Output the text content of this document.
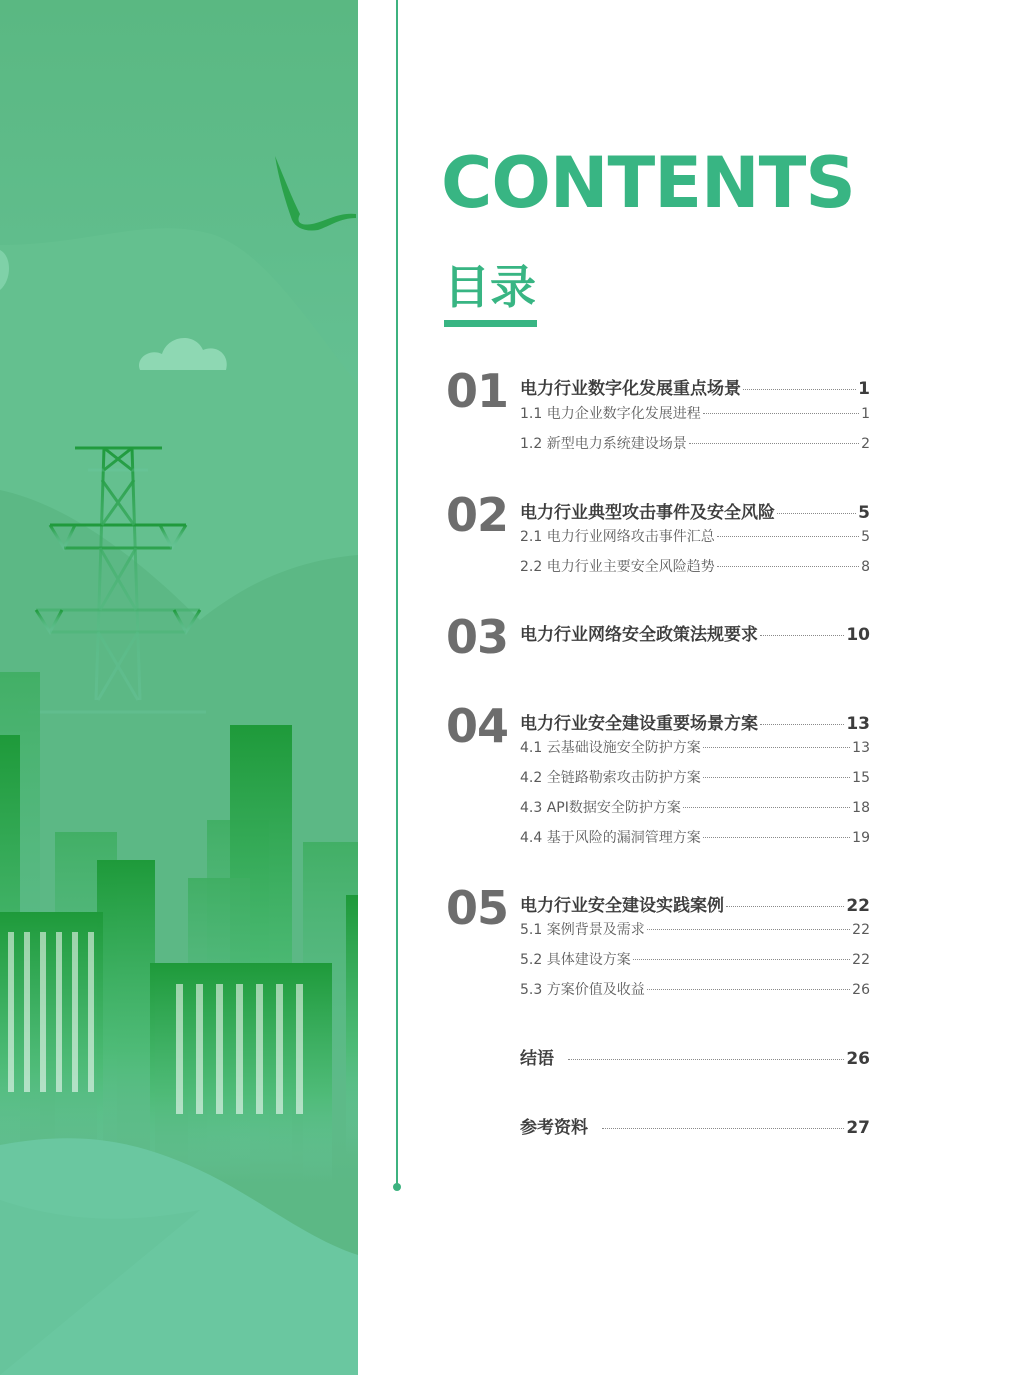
CONTENTS
目录
01 电力行业数字化发展重点场景	1
1.1 电力企业数字化发展进程	1
1.2 新型电力系统建设场景	2
02 电力行业典型攻击事件及安全风险	5
2.1 电力行业网络攻击事件汇总	5
2.2 电力行业主要安全风险趋势	8
03 电力行业网络安全政策法规要求	10
04 电力行业安全建设重要场景方案	13
4.1 云基础设施安全防护方案	13
4.2 全链路勒索攻击防护方案	15
4.3 API数据安全防护方案	18
4.4 基于风险的漏洞管理方案	19
05 电力行业安全建设实践案例	22
5.1 案例背景及需求	22
5.2 具体建设方案	22
5.3 方案价值及收益	26
结语	26
参考资料	27
